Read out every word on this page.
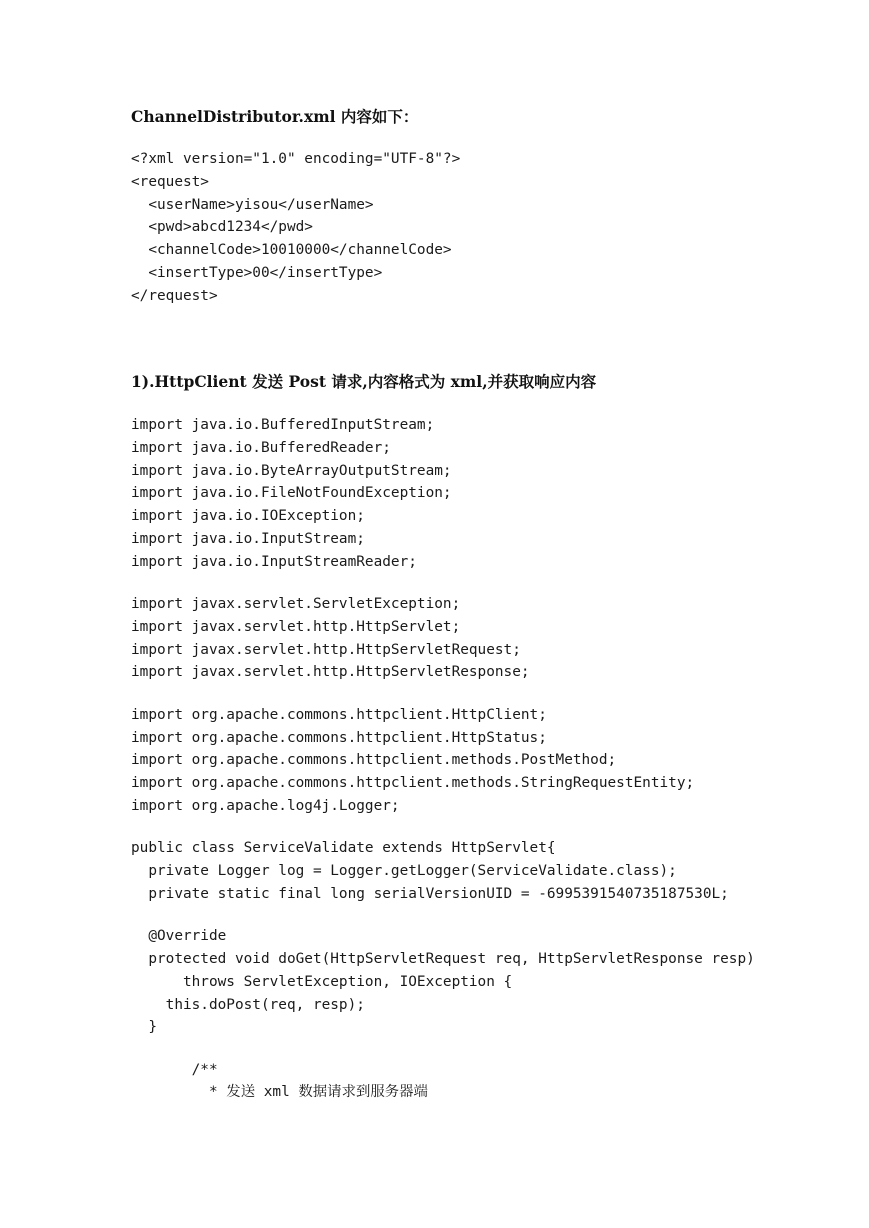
ChannelDistributor.xml 内容如下：
<?xml version="1.0" encoding="UTF-8"?>
<request>
<userName>yisou</userName>
<pwd>abcd1234</pwd>
<channelCode>10010000</channelCode>
<insertType>00</insertType>
</request>
1).HttpClient 发送 Post 请求,内容格式为 xml,并获取响应内容
import java.io.BufferedInputStream;
import java.io.BufferedReader;
import java.io.ByteArrayOutputStream;
import java.io.FileNotFoundException;
import java.io.IOException;
import java.io.InputStream;
import java.io.InputStreamReader;
import javax.servlet.ServletException;
import javax.servlet.http.HttpServlet;
import javax.servlet.http.HttpServletRequest;
import javax.servlet.http.HttpServletResponse;
import org.apache.commons.httpclient.HttpClient;
import org.apache.commons.httpclient.HttpStatus;
import org.apache.commons.httpclient.methods.PostMethod;
import org.apache.commons.httpclient.methods.StringRequestEntity;
import org.apache.log4j.Logger;
public class ServiceValidate extends HttpServlet{
private Logger log = Logger.getLogger(ServiceValidate.class);
private static final long serialVersionUID = -6995391540735187530L;
@Override
protected void doGet(HttpServletRequest req, HttpServletResponse resp)
throws ServletException, IOException {
this.doPost(req, resp);
}
/**
* 发送 xml 数据请求到服务器端
